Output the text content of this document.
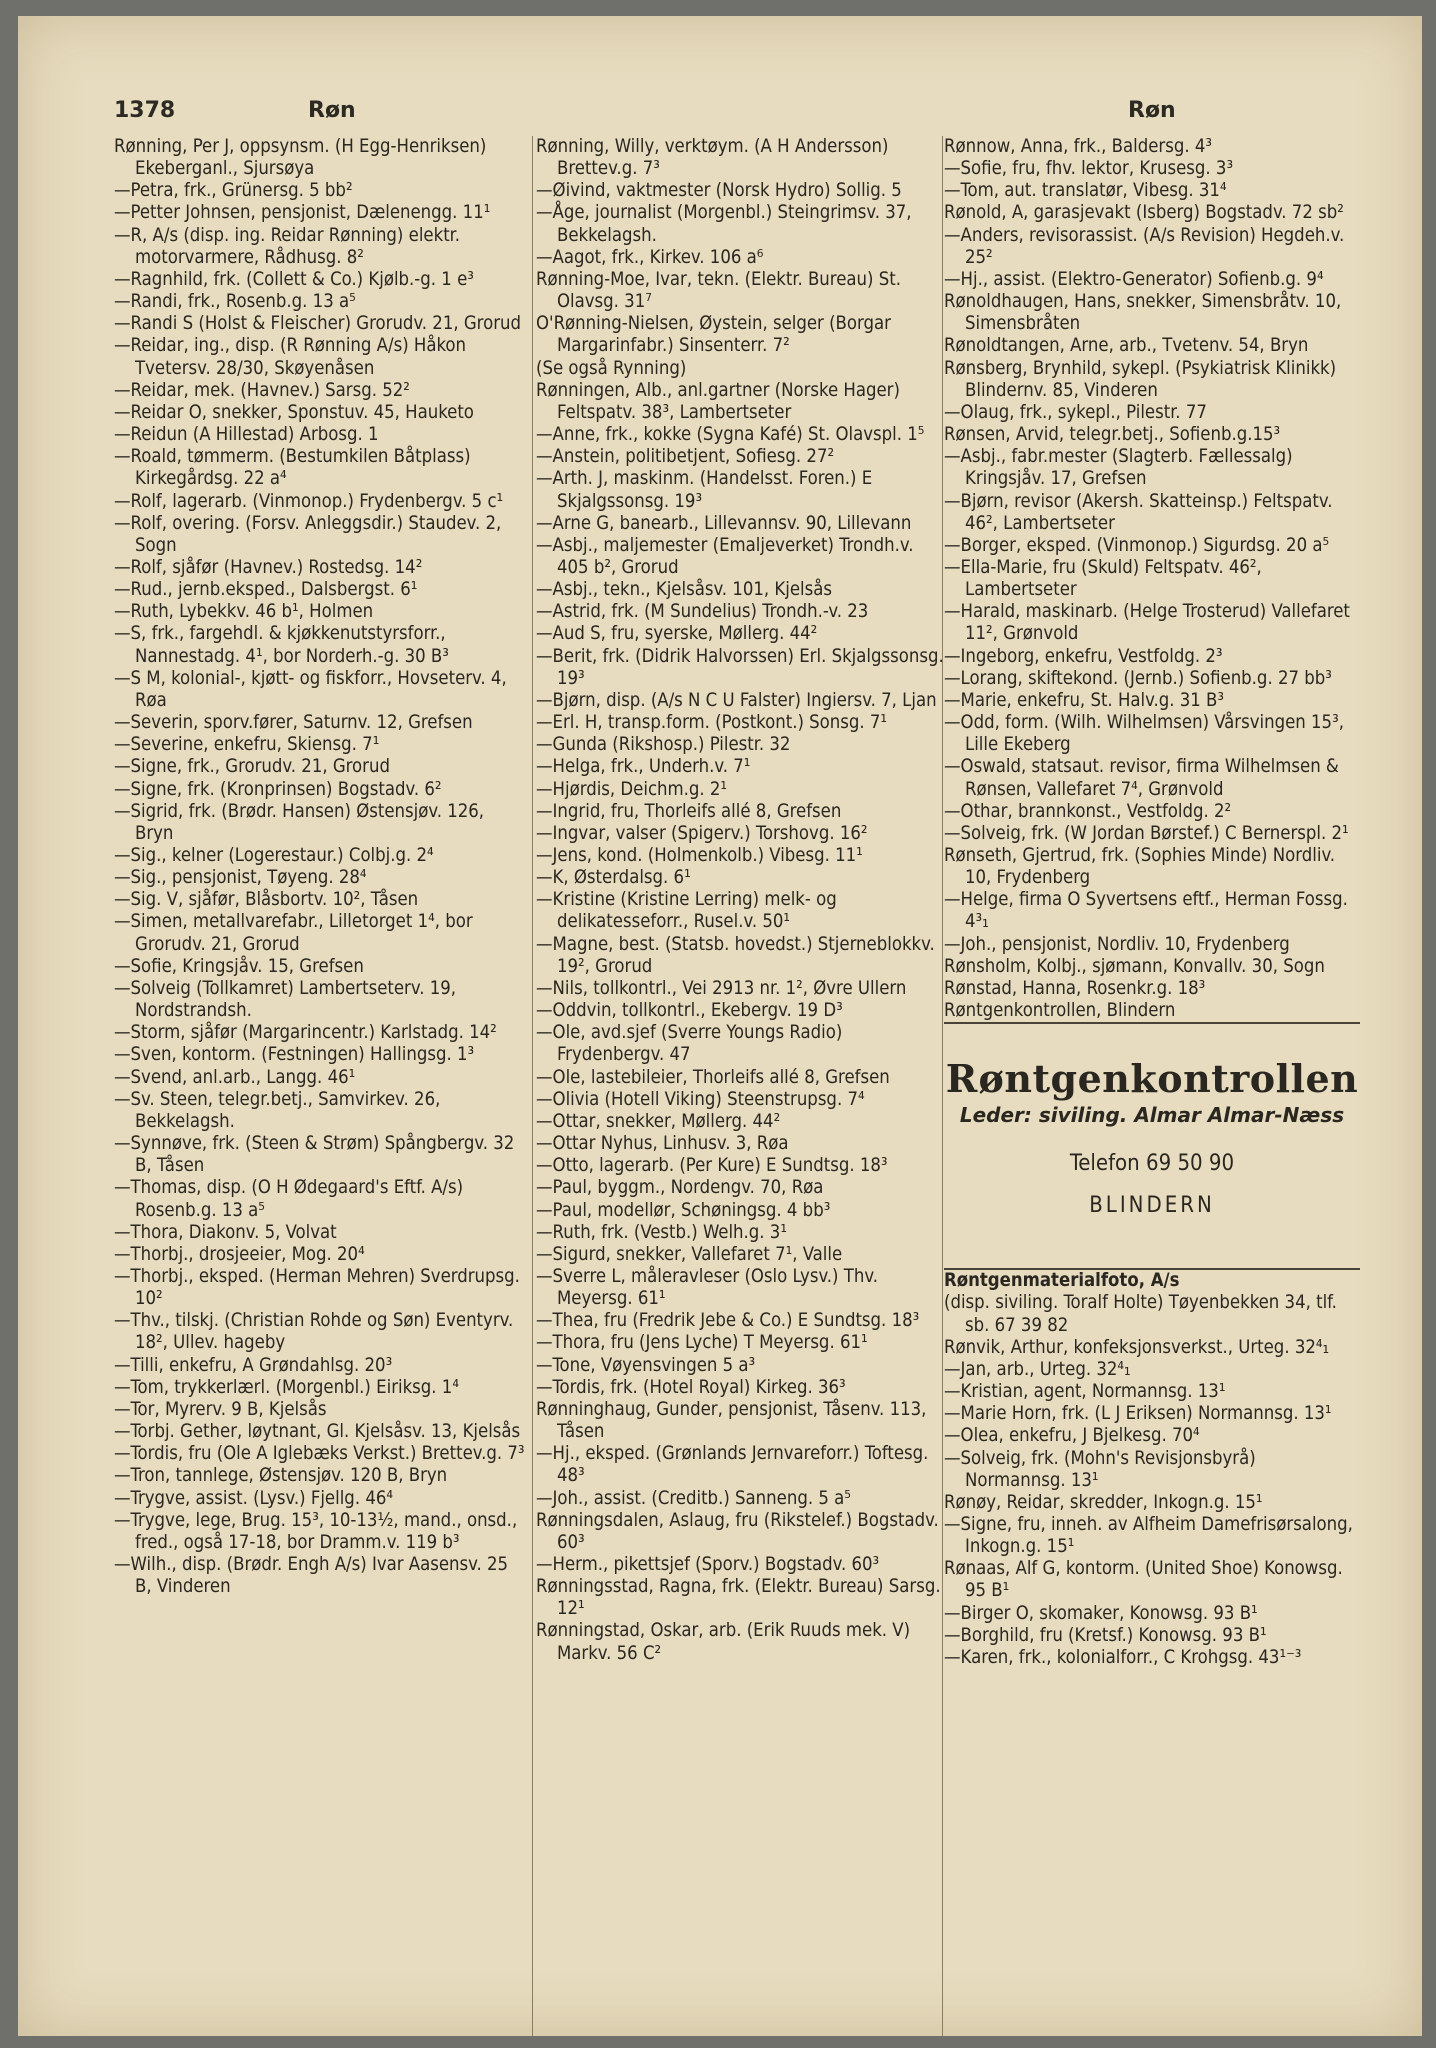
1378	Røn	Røn

Rønning, Per J, oppsynsm. (H Egg-Henriksen) Ekeberganl., Sjursøya

—Petra, frk., Grünersg. 5 bb²

—Petter Johnsen, pensjonist, Dælenengg. 11¹

—R, A/s (disp. ing. Reidar Rønning) elektr. motorvarmere, Rådhusg. 8²

—Ragnhild, frk. (Collett & Co.) Kjølb.-g. 1 e³

—Randi, frk., Rosenb.g. 13 a⁵

—Randi S (Holst & Fleischer) Grorudv. 21, Grorud

—Reidar, ing., disp. (R Rønning A/s) Håkon Tvetersv. 28/30, Skøyenåsen

—Reidar, mek. (Havnev.) Sarsg. 52²

—Reidar O, snekker, Sponstuv. 45, Hauketo

—Reidun (A Hillestad) Arbosg. 1

—Roald, tømmerm. (Bestumkilen Båtplass) Kirkegårdsg. 22 a⁴

—Rolf, lagerarb. (Vinmonop.) Frydenbergv. 5 c¹

—Rolf, overing. (Forsv. Anleggsdir.) Staudev. 2, Sogn

—Rolf, sjåfør (Havnev.) Rostedsg. 14²

—Rud., jernb.eksped., Dalsbergst. 6¹

—Ruth, Lybekkv. 46 b¹, Holmen

—S, frk., fargehdl. & kjøkkenutstyrsforr., Nannestadg. 4¹, bor Norderh.-g. 30 B³

—S M, kolonial-, kjøtt- og fiskforr., Hovseterv. 4, Røa

—Severin, sporv.fører, Saturnv. 12, Grefsen

—Severine, enkefru, Skiensg. 7¹

—Signe, frk., Grorudv. 21, Grorud

—Signe, frk. (Kronprinsen) Bogstadv. 6²

—Sigrid, frk. (Brødr. Hansen) Østensjøv. 126, Bryn

—Sig., kelner (Logerestaur.) Colbj.g. 2⁴

—Sig., pensjonist, Tøyeng. 28⁴

—Sig. V, sjåfør, Blåsbortv. 10², Tåsen

—Simen, metallvarefabr., Lilletorget 1⁴, bor Grorudv. 21, Grorud

—Sofie, Kringsjåv. 15, Grefsen

—Solveig (Tollkamret) Lambertseterv. 19, Nordstrandsh.

—Storm, sjåfør (Margarincentr.) Karlstadg. 14²

—Sven, kontorm. (Festningen) Hallingsg. 1³

—Svend, anl.arb., Langg. 46¹

—Sv. Steen, telegr.betj., Samvirkev. 26, Bekkelagsh.

—Synnøve, frk. (Steen & Strøm) Spångbergv. 32 B, Tåsen

—Thomas, disp. (O H Ødegaard's Eftf. A/s) Rosenb.g. 13 a⁵

—Thora, Diakonv. 5, Volvat

—Thorbj., drosjeeier, Mog. 20⁴

—Thorbj., eksped. (Herman Mehren) Sverdrupsg. 10²

—Thv., tilskj. (Christian Rohde og Søn) Eventyrv. 18², Ullev. hageby

—Tilli, enkefru, A Grøndahlsg. 20³

—Tom, trykkerlærl. (Morgenbl.) Eiriksg. 1⁴

—Tor, Myrerv. 9 B, Kjelsås

—Torbj. Gether, løytnant, Gl. Kjelsåsv. 13, Kjelsås

—Tordis, fru (Ole A Iglebæks Verkst.) Brettev.g. 7³

—Tron, tannlege, Østensjøv. 120 B, Bryn

—Trygve, assist. (Lysv.) Fjellg. 46⁴

—Trygve, lege, Brug. 15³, 10-13½, mand., onsd., fred., også 17-18, bor Dramm.v. 119 b³

—Wilh., disp. (Brødr. Engh A/s) Ivar Aasensv. 25 B, Vinderen

Rønning, Willy, verktøym. (A H Andersson) Brettev.g. 7³

—Øivind, vaktmester (Norsk Hydro) Sollig. 5

—Åge, journalist (Morgenbl.) Steingrimsv. 37, Bekkelagsh.

—Aagot, frk., Kirkev. 106 a⁶

Rønning-Moe, Ivar, tekn. (Elektr. Bureau) St. Olavsg. 31⁷

O'Rønning-Nielsen, Øystein, selger (Borgar Margarinfabr.) Sinsenterr. 7²

(Se også Rynning)

Rønningen, Alb., anl.gartner (Norske Hager) Feltspatv. 38³, Lambertseter

—Anne, frk., kokke (Sygna Kafé) St. Olavspl. 1⁵

—Anstein, politibetjent, Sofiesg. 27²

—Arth. J, maskinm. (Handelsst. Foren.) E Skjalgssonsg. 19³

—Arne G, banearb., Lillevannsv. 90, Lillevann

—Asbj., maljemester (Emaljeverket) Trondh.v. 405 b², Grorud

—Asbj., tekn., Kjelsåsv. 101, Kjelsås

—Astrid, frk. (M Sundelius) Trondh.-v. 23

—Aud S, fru, syerske, Møllerg. 44²

—Berit, frk. (Didrik Halvorssen) Erl. Skjalgssonsg. 19³

—Bjørn, disp. (A/s N C U Falster) Ingiersv. 7, Ljan

—Erl. H, transp.form. (Postkont.) Sonsg. 7¹

—Gunda (Rikshosp.) Pilestr. 32

—Helga, frk., Underh.v. 7¹

—Hjørdis, Deichm.g. 2¹

—Ingrid, fru, Thorleifs allé 8, Grefsen

—Ingvar, valser (Spigerv.) Torshovg. 16²

—Jens, kond. (Holmenkolb.) Vibesg. 11¹

—K, Østerdalsg. 6¹

—Kristine (Kristine Lerring) melk- og delikatesseforr., Rusel.v. 50¹

—Magne, best. (Statsb. hovedst.) Stjerneblokkv. 19², Grorud

—Nils, tollkontrl., Vei 2913 nr. 1², Øvre Ullern

—Oddvin, tollkontrl., Ekebergv. 19 D³

—Ole, avd.sjef (Sverre Youngs Radio) Frydenbergv. 47

—Ole, lastebileier, Thorleifs allé 8, Grefsen

—Olivia (Hotell Viking) Steenstrupsg. 7⁴

—Ottar, snekker, Møllerg. 44²

—Ottar Nyhus, Linhusv. 3, Røa

—Otto, lagerarb. (Per Kure) E Sundtsg. 18³

—Paul, byggm., Nordengv. 70, Røa

—Paul, modellør, Schøningsg. 4 bb³

—Ruth, frk. (Vestb.) Welh.g. 3¹

—Sigurd, snekker, Vallefaret 7¹, Valle

—Sverre L, måleravleser (Oslo Lysv.) Thv. Meyersg. 61¹

—Thea, fru (Fredrik Jebe & Co.) E Sundtsg. 18³

—Thora, fru (Jens Lyche) T Meyersg. 61¹

—Tone, Vøyensvingen 5 a³

—Tordis, frk. (Hotel Royal) Kirkeg. 36³

Rønninghaug, Gunder, pensjonist, Tåsenv. 113, Tåsen

—Hj., eksped. (Grønlands Jernvareforr.) Toftesg. 48³

—Joh., assist. (Creditb.) Sanneng. 5 a⁵

Rønningsdalen, Aslaug, fru (Rikstelef.) Bogstadv. 60³

—Herm., pikettsjef (Sporv.) Bogstadv. 60³

Rønningsstad, Ragna, frk. (Elektr. Bureau) Sarsg. 12¹

Rønningstad, Oskar, arb. (Erik Ruuds mek. V) Markv. 56 C²

Rønnow, Anna, frk., Baldersg. 4³

—Sofie, fru, fhv. lektor, Krusesg. 3³

—Tom, aut. translatør, Vibesg. 31⁴

Rønold, A, garasjevakt (Isberg) Bogstadv. 72 sb²

—Anders, revisorassist. (A/s Revision) Hegdeh.v. 25²

—Hj., assist. (Elektro-Generator) Sofienb.g. 9⁴

Rønoldhaugen, Hans, snekker, Simensbråtv. 10, Simensbråten

Rønoldtangen, Arne, arb., Tvetenv. 54, Bryn

Rønsberg, Brynhild, sykepl. (Psykiatrisk Klinikk) Blindernv. 85, Vinderen

—Olaug, frk., sykepl., Pilestr. 77

Rønsen, Arvid, telegr.betj., Sofienb.g.15³

—Asbj., fabr.mester (Slagterb. Fællessalg) Kringsjåv. 17, Grefsen

—Bjørn, revisor (Akersh. Skatteinsp.) Feltspatv. 46², Lambertseter

—Borger, eksped. (Vinmonop.) Sigurdsg. 20 a⁵

—Ella-Marie, fru (Skuld) Feltspatv. 46², Lambertseter

—Harald, maskinarb. (Helge Trosterud) Vallefaret 11², Grønvold

—Ingeborg, enkefru, Vestfoldg. 2³

—Lorang, skiftekond. (Jernb.) Sofienb.g. 27 bb³

—Marie, enkefru, St. Halv.g. 31 B³

—Odd, form. (Wilh. Wilhelmsen) Vårsvingen 15³, Lille Ekeberg

—Oswald, statsaut. revisor, firma Wilhelmsen & Rønsen, Vallefaret 7⁴, Grønvold

—Othar, brannkonst., Vestfoldg. 2²

—Solveig, frk. (W Jordan Børstef.) C Bernerspl. 2¹

Rønseth, Gjertrud, frk. (Sophies Minde) Nordliv. 10, Frydenberg

—Helge, firma O Syvertsens eftf., Herman Fossg. 4³₁

—Joh., pensjonist, Nordliv. 10, Frydenberg

Rønsholm, Kolbj., sjømann, Konvallv. 30, Sogn

Rønstad, Hanna, Rosenkr.g. 18³

Røntgenkontrollen, Blindern

Røntgenkontrollen
Leder: siviling. Almar Almar-Næss
Telefon 69 50 90
BLINDERN

Røntgenmaterialfoto, A/s

(disp. siviling. Toralf Holte) Tøyenbekken 34, tlf. sb. 67 39 82

Rønvik, Arthur, konfeksjonsverkst., Urteg. 32⁴₁

—Jan, arb., Urteg. 32⁴₁

—Kristian, agent, Normannsg. 13¹

—Marie Horn, frk. (L J Eriksen) Normannsg. 13¹

—Olea, enkefru, J Bjelkesg. 70⁴

—Solveig, frk. (Mohn's Revisjonsbyrå) Normannsg. 13¹

Rønøy, Reidar, skredder, Inkogn.g. 15¹

—Signe, fru, inneh. av Alfheim Damefrisørsalong, Inkogn.g. 15¹

Rønaas, Alf G, kontorm. (United Shoe) Konowsg. 95 B¹

—Birger O, skomaker, Konowsg. 93 B¹

—Borghild, fru (Kretsf.) Konowsg. 93 B¹

—Karen, frk., kolonialforr., C Krohgsg. 43¹⁻³
